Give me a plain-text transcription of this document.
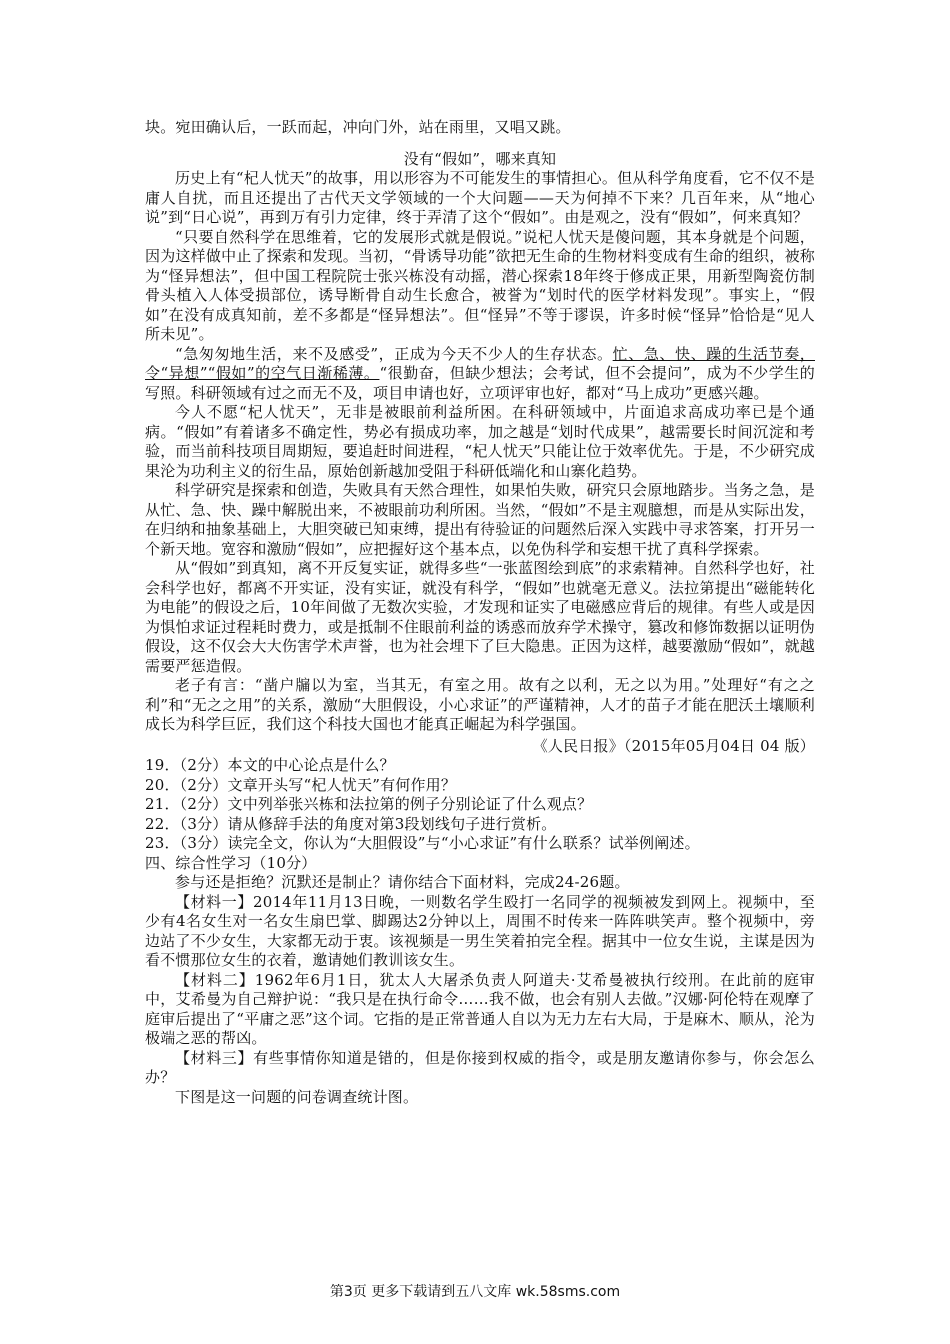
块。宛田确认后，一跃而起，冲向门外，站在雨里，又唱又跳。
没有“假如”，哪来真知

历史上有“杞人忧天”的故事，用以形容为不可能发生的事情担心。但从科学角度看，它不仅不是庸人自扰，而且还提出了古代天文学领域的一个大问题——天为何掉不下来？几百年来，从“地心说”到“日心说”，再到万有引力定律，终于弄清了这个“假如”。由是观之，没有“假如”，何来真知？

“只要自然科学在思维着，它的发展形式就是假说。”说杞人忧天是傻问题，其本身就是个问题，因为这样做中止了探索和发现。当初，“骨诱导功能”欲把无生命的生物材料变成有生命的组织，被称为“怪异想法”，但中国工程院院士张兴栋没有动摇，潜心探索18年终于修成正果，用新型陶瓷仿制骨头植入人体受损部位，诱导断骨自动生长愈合，被誉为“划时代的医学材料发现”。事实上，“假如”在没有成真知前，差不多都是“怪异想法”。但“怪异”不等于谬误，许多时候“怪异”恰恰是“见人所未见”。

“急匆匆地生活，来不及感受”，正成为今天不少人的生存状态。忙、急、快、躁的生活节奏，令“异想”“假如”的空气日渐稀薄。“很勤奋，但缺少想法；会考试，但不会提问”，成为不少学生的写照。科研领域有过之而无不及，项目申请也好，立项评审也好，都对“马上成功”更感兴趣。

今人不愿“杞人忧天”，无非是被眼前利益所困。在科研领域中，片面追求高成功率已是个通病。“假如”有着诸多不确定性，势必有损成功率，加之越是“划时代成果”，越需要长时间沉淀和考验，而当前科技项目周期短，要追赶时间进程，“杞人忧天”只能让位于效率优先。于是，不少研究成果沦为功利主义的衍生品，原始创新越加受阻于科研低端化和山寨化趋势。

科学研究是探索和创造，失败具有天然合理性，如果怕失败，研究只会原地踏步。当务之急，是从忙、急、快、躁中解脱出来，不被眼前功利所困。当然，“假如”不是主观臆想，而是从实际出发，在归纳和抽象基础上，大胆突破已知束缚，提出有待验证的问题然后深入实践中寻求答案，打开另一个新天地。宽容和激励“假如”，应把握好这个基本点，以免伪科学和妄想干扰了真科学探索。

从“假如”到真知，离不开反复实证，就得多些“一张蓝图绘到底”的求索精神。自然科学也好，社会科学也好，都离不开实证，没有实证，就没有科学，“假如”也就毫无意义。法拉第提出“磁能转化为电能”的假设之后，10年间做了无数次实验，才发现和证实了电磁感应背后的规律。有些人或是因为惧怕求证过程耗时费力，或是抵制不住眼前利益的诱惑而放弃学术操守，篡改和修饰数据以证明伪假设，这不仅会大大伤害学术声誉，也为社会埋下了巨大隐患。正因为这样，越要激励“假如”，就越需要严惩造假。

老子有言：“凿户牖以为室，当其无，有室之用。故有之以利，无之以为用。”处理好“有之之利”和“无之之用”的关系，激励“大胆假设，小心求证”的严谨精神，人才的苗子才能在肥沃土壤顺利成长为科学巨匠，我们这个科技大国也才能真正崛起为科学强国。

《人民日报》（2015年05月04日 04 版）
19．（2分）本文的中心论点是什么？
20．（2分）文章开头写“杞人忧天”有何作用？
21．（2分）文中列举张兴栋和法拉第的例子分别论证了什么观点？
22．（3分）请从修辞手法的角度对第3段划线句子进行赏析。
23．（3分）读完全文，你认为“大胆假设”与“小心求证”有什么联系？试举例阐述。
四、综合性学习（10分）

参与还是拒绝？沉默还是制止？请你结合下面材料，完成24-26题。

【材料一】2014年11月13日晚，一则数名学生殴打一名同学的视频被发到网上。视频中，至少有4名女生对一名女生扇巴掌、脚踢达2分钟以上，周围不时传来一阵阵哄笑声。整个视频中，旁边站了不少女生，大家都无动于衷。该视频是一男生笑着拍完全程。据其中一位女生说，主谋是因为看不惯那位女生的衣着，邀请她们教训该女生。

【材料二】1962年6月1日，犹太人大屠杀负责人阿道夫·艾希曼被执行绞刑。在此前的庭审中，艾希曼为自己辩护说：“我只是在执行命令……我不做，也会有别人去做。”汉娜·阿伦特在观摩了庭审后提出了“平庸之恶”这个词。它指的是正常普通人自以为无力左右大局，于是麻木、顺从，沦为极端之恶的帮凶。

【材料三】有些事情你知道是错的，但是你接到权威的指令，或是朋友邀请你参与，你会怎么办？

下图是这一问题的问卷调查统计图。

第3页 更多下载请到五八文库 wk.58sms.com
